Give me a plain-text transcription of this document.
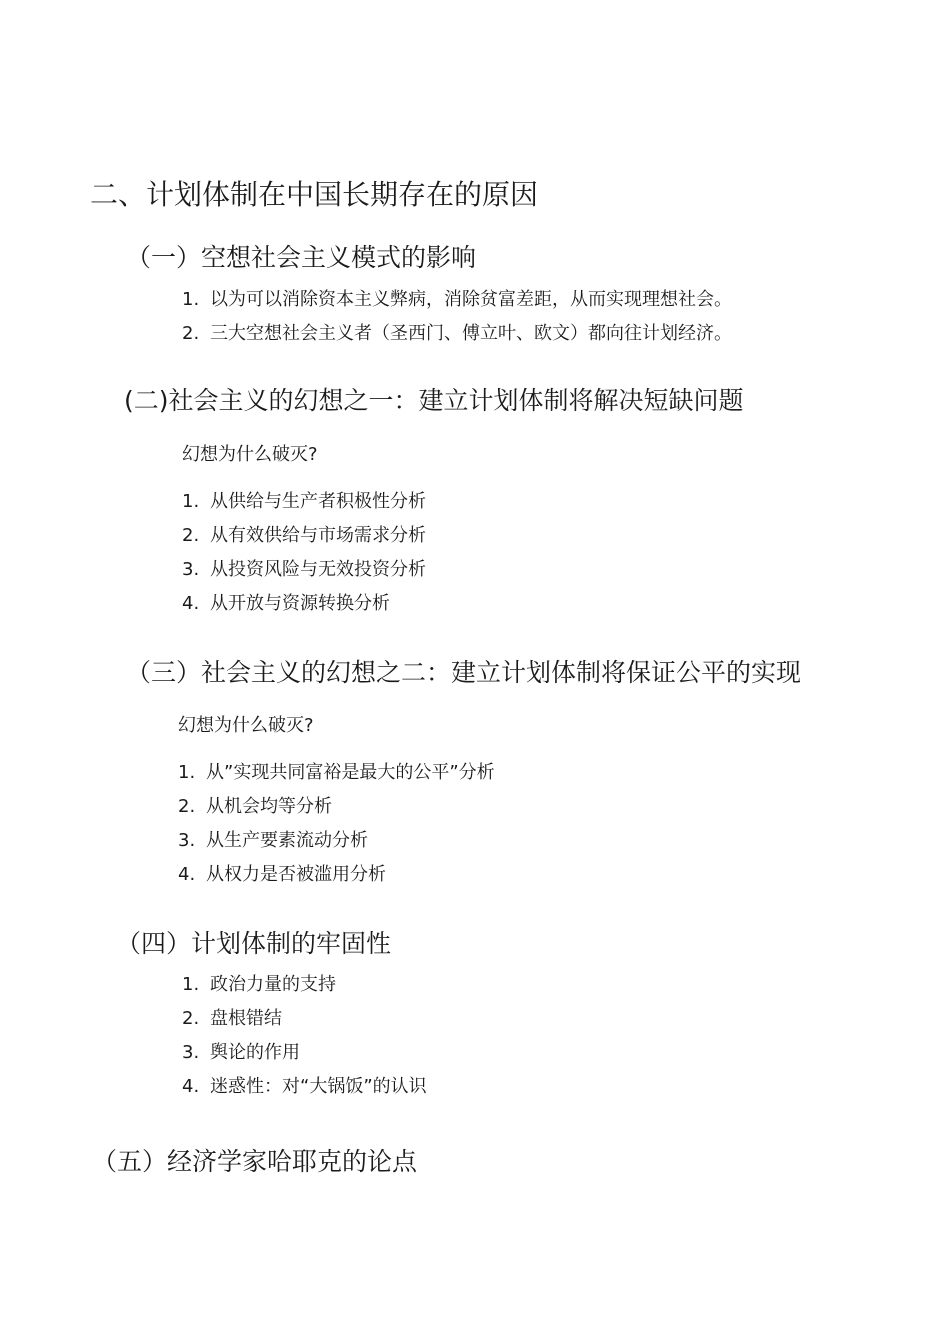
二、计划体制在中国长期存在的原因
（一）空想社会主义模式的影响
1. 以为可以消除资本主义弊病，消除贫富差距，从而实现理想社会。
2. 三大空想社会主义者（圣西门、傅立叶、欧文）都向往计划经济。
(二)社会主义的幻想之一：建立计划体制将解决短缺问题
幻想为什么破灭?
1. 从供给与生产者积极性分析
2. 从有效供给与市场需求分析
3. 从投资风险与无效投资分析
4. 从开放与资源转换分析
（三）社会主义的幻想之二：建立计划体制将保证公平的实现
幻想为什么破灭?
1. 从”实现共同富裕是最大的公平”分析
2. 从机会均等分析
3. 从生产要素流动分析
4. 从权力是否被滥用分析
（四）计划体制的牢固性
1. 政治力量的支持
2. 盘根错结
3. 舆论的作用
4. 迷惑性：对“大锅饭”的认识
（五）经济学家哈耶克的论点
